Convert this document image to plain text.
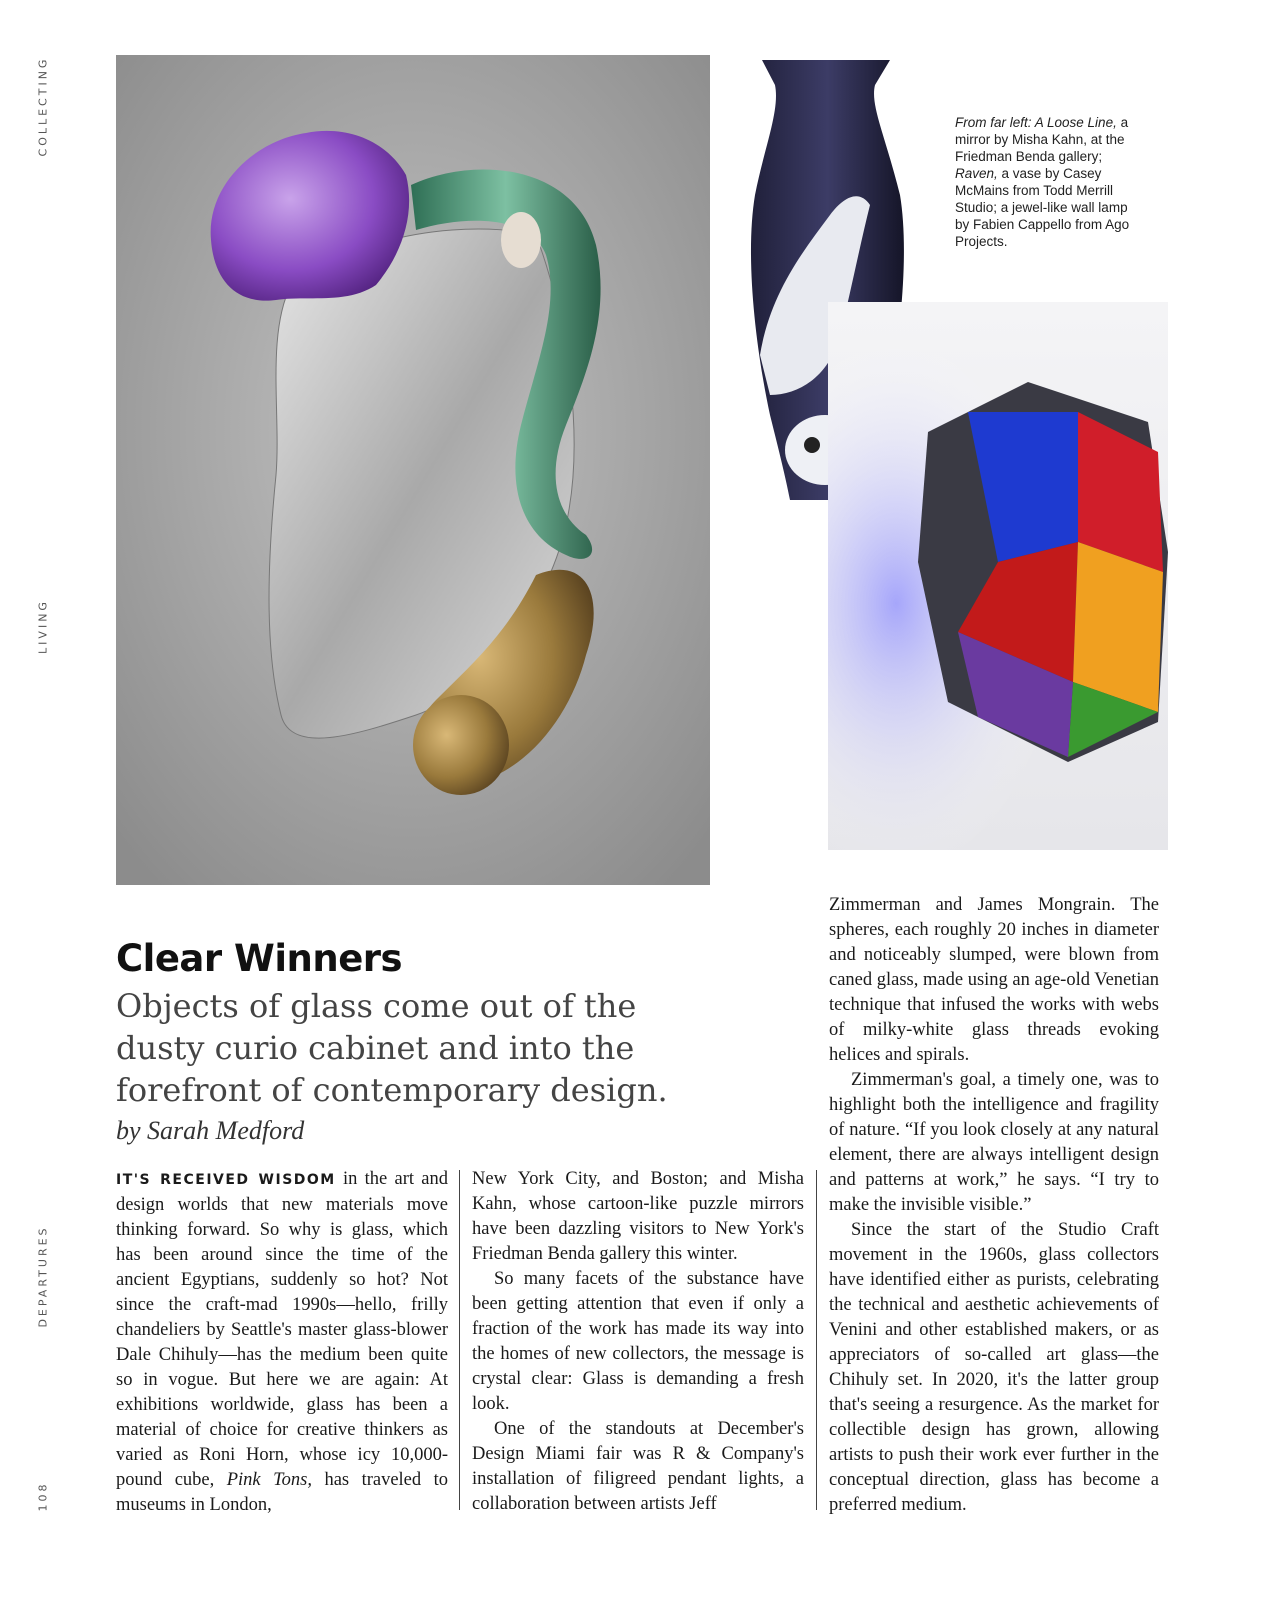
COLLECTING
LIVING
DEPARTURES
108
From far left: A Loose Line, a mirror by Misha Kahn, at the Friedman Benda gallery; Raven, a vase by Casey McMains from Todd Merrill Studio; a jewel-like wall lamp by Fabien Cappello from Ago Projects.
Clear Winners
Objects of glass come out of the dusty curio cabinet and into the forefront of contemporary design.
by Sarah Medford

IT'S RECEIVED WISDOM in the art and design worlds that new materials move thinking forward. So why is glass, which has been around since the time of the ancient Egyptians, suddenly so hot? Not since the craft-mad 1990s—hello, frilly chandeliers by Seattle's master glass-blower Dale Chihuly—has the medium been quite so in vogue. But here we are again: At exhibitions worldwide, glass has been a material of choice for creative thinkers as varied as Roni Horn, whose icy 10,000-pound cube, Pink Tons, has traveled to museums in London,

New York City, and Boston; and Misha Kahn, whose cartoon-like puzzle mirrors have been dazzling visitors to New York's Friedman Benda gallery this winter.

So many facets of the substance have been getting attention that even if only a fraction of the work has made its way into the homes of new collectors, the message is crystal clear: Glass is demanding a fresh look.

One of the standouts at December's Design Miami fair was R & Company's installation of filigreed pendant lights, a collaboration between artists Jeff

Zimmerman and James Mongrain. The spheres, each roughly 20 inches in diameter and noticeably slumped, were blown from caned glass, made using an age-old Venetian technique that infused the works with webs of milky-white glass threads evoking helices and spirals.

Zimmerman's goal, a timely one, was to highlight both the intelligence and fragility of nature. “If you look closely at any natural element, there are always intelligent design and patterns at work,” he says. “I try to make the invisible visible.”

Since the start of the Studio Craft movement in the 1960s, glass collectors have identified either as purists, celebrating the technical and aesthetic achievements of Venini and other established makers, or as appreciators of so-called art glass—the Chihuly set. In 2020, it's the latter group that's seeing a resurgence. As the market for collectible design has grown, allowing artists to push their work ever further in the conceptual direction, glass has become a preferred medium.
